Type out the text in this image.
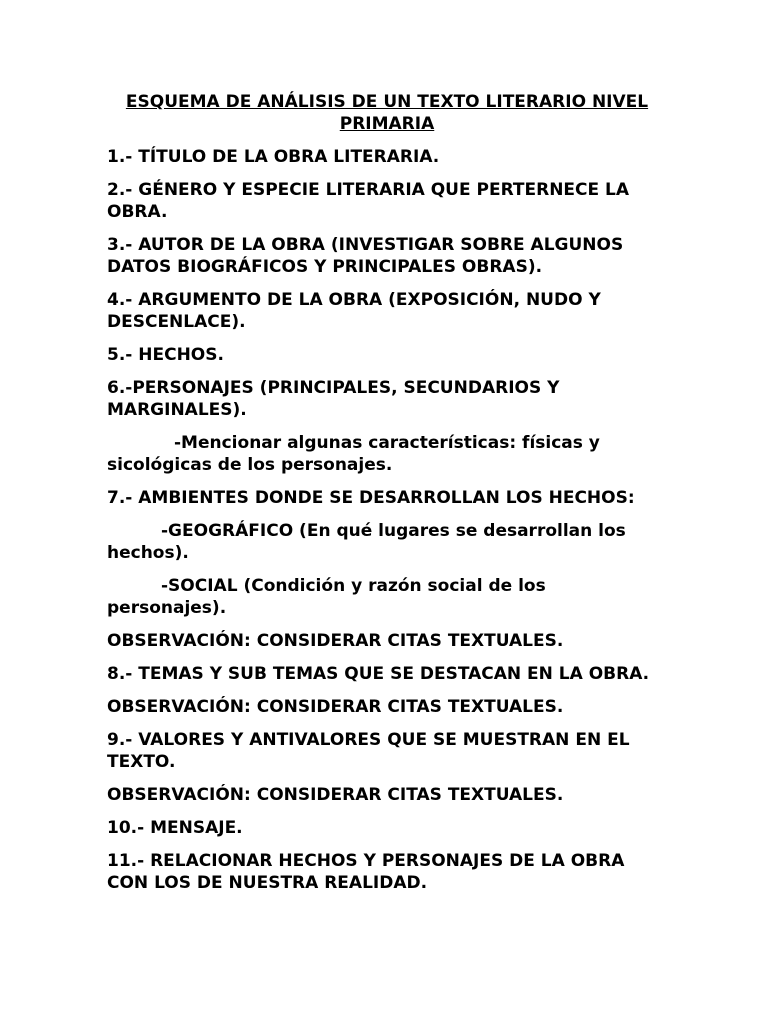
ESQUEMA DE ANÁLISIS DE UN TEXTO LITERARIO NIVEL
PRIMARIA

1.- TÍTULO DE LA OBRA LITERARIA.

2.- GÉNERO Y ESPECIE LITERARIA QUE PERTERNECE LA OBRA.

3.- AUTOR DE LA OBRA (INVESTIGAR SOBRE ALGUNOS DATOS BIOGRÁFICOS Y PRINCIPALES OBRAS).

4.- ARGUMENTO DE LA OBRA (EXPOSICIÓN, NUDO Y DESCENLACE).

5.- HECHOS.

6.-PERSONAJES (PRINCIPALES, SECUNDARIOS Y MARGINALES).

-Mencionar algunas características: físicas y sicológicas de los personajes.

7.- AMBIENTES DONDE SE DESARROLLAN LOS HECHOS:

-GEOGRÁFICO (En qué lugares se desarrollan los hechos).

-SOCIAL (Condición y razón social de los personajes).

OBSERVACIÓN: CONSIDERAR CITAS TEXTUALES.

8.- TEMAS Y SUB TEMAS QUE SE DESTACAN EN LA OBRA.

OBSERVACIÓN: CONSIDERAR CITAS TEXTUALES.

9.- VALORES Y ANTIVALORES QUE SE MUESTRAN EN EL TEXTO.

OBSERVACIÓN: CONSIDERAR CITAS TEXTUALES.

10.- MENSAJE.

11.- RELACIONAR HECHOS Y PERSONAJES DE LA OBRA CON LOS DE NUESTRA REALIDAD.
